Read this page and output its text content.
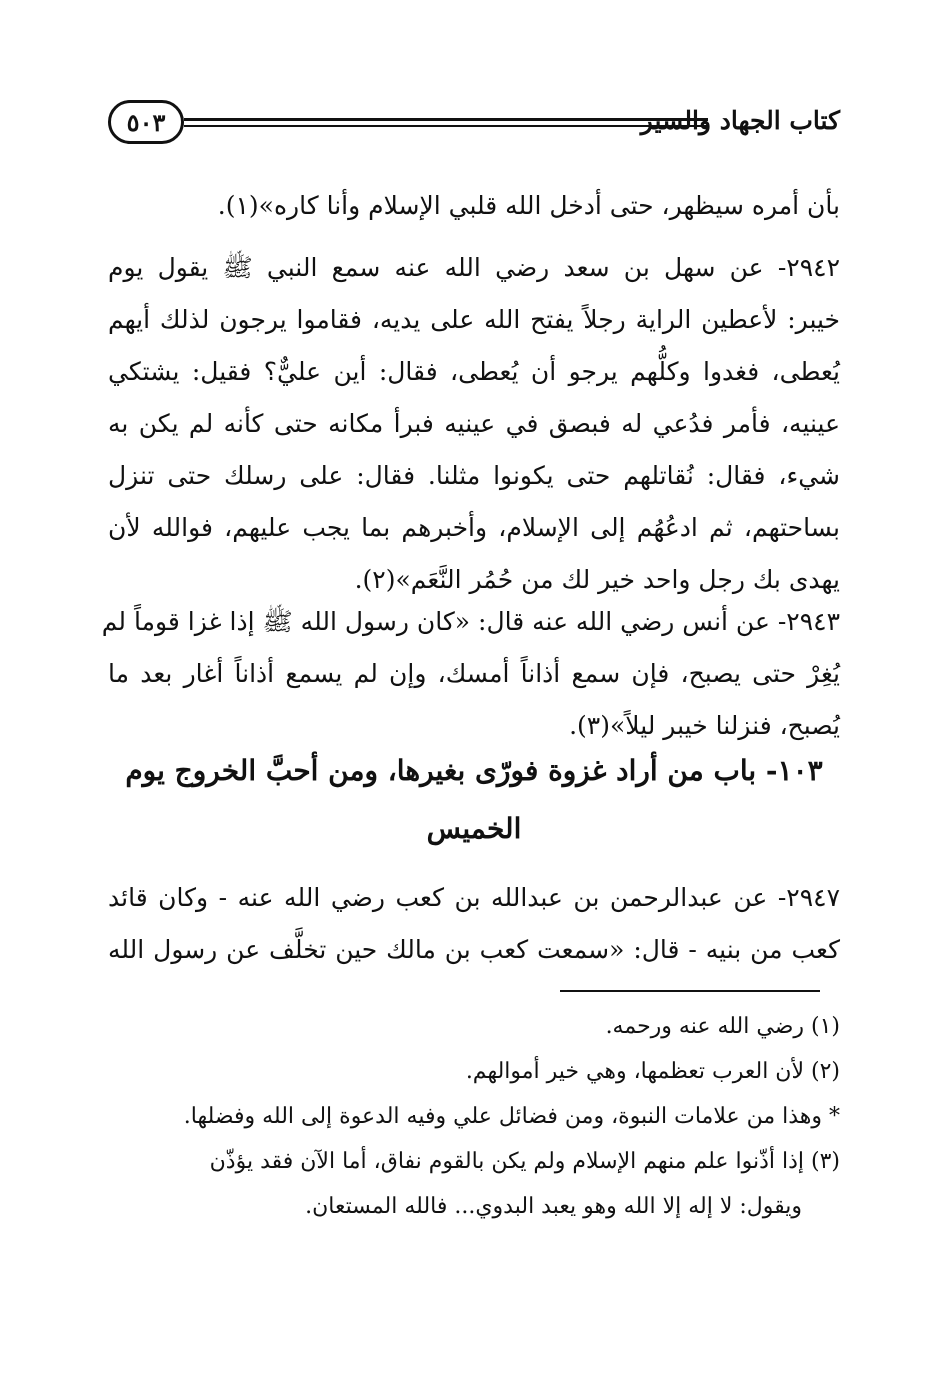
٥٠٣	كتاب الجهاد والسير
بأن أمره سيظهر، حتى أدخل الله قلبي الإسلام وأنا كاره»(١).
٢٩٤٢- عن سهل بن سعد رضي الله عنه سمع النبي ﷺ يقول يوم
خيبر: لأعطين الراية رجلاً يفتح الله على يديه، فقاموا يرجون لذلك أيهم
يُعطى، فغدوا وكلُّهم يرجو أن يُعطى، فقال: أين عليٌّ؟ فقيل: يشتكي
عينيه، فأمر فدُعي له فبصق في عينيه فبرأ مكانه حتى كأنه لم يكن به
شيء، فقال: نُقاتلهم حتى يكونوا مثلنا. فقال: على رسلك حتى تنزل
بساحتهم، ثم ادعُهُم إلى الإسلام، وأخبرهم بما يجب عليهم، فوالله لأن
يهدى بك رجل واحد خير لك من حُمُر النَّعَم»(٢).
٢٩٤٣- عن أنس رضي الله عنه قال: «كان رسول الله ﷺ إذا غزا قوماً لم
يُغِرْ حتى يصبح، فإن سمع أذاناً أمسك، وإن لم يسمع أذاناً أغار بعد ما
يُصبح، فنزلنا خيبر ليلاً»(٣).
١٠٣- باب من أراد غزوة فورّى بغيرها، ومن أحبَّ الخروج يوم
الخميس
٢٩٤٧- عن عبدالرحمن بن عبدالله بن كعب رضي الله عنه - وكان قائد
كعب من بنيه - قال: «سمعت كعب بن مالك حين تخلَّف عن رسول الله
(١) رضي الله عنه ورحمه.
(٢) لأن العرب تعظمها، وهي خير أموالهم.
* وهذا من علامات النبوة، ومن فضائل علي وفيه الدعوة إلى الله وفضلها.
(٣) إذا أذّنوا علم منهم الإسلام ولم يكن بالقوم نفاق، أما الآن فقد يؤذّن
ويقول: لا إله إلا الله وهو يعبد البدوي... فالله المستعان.
